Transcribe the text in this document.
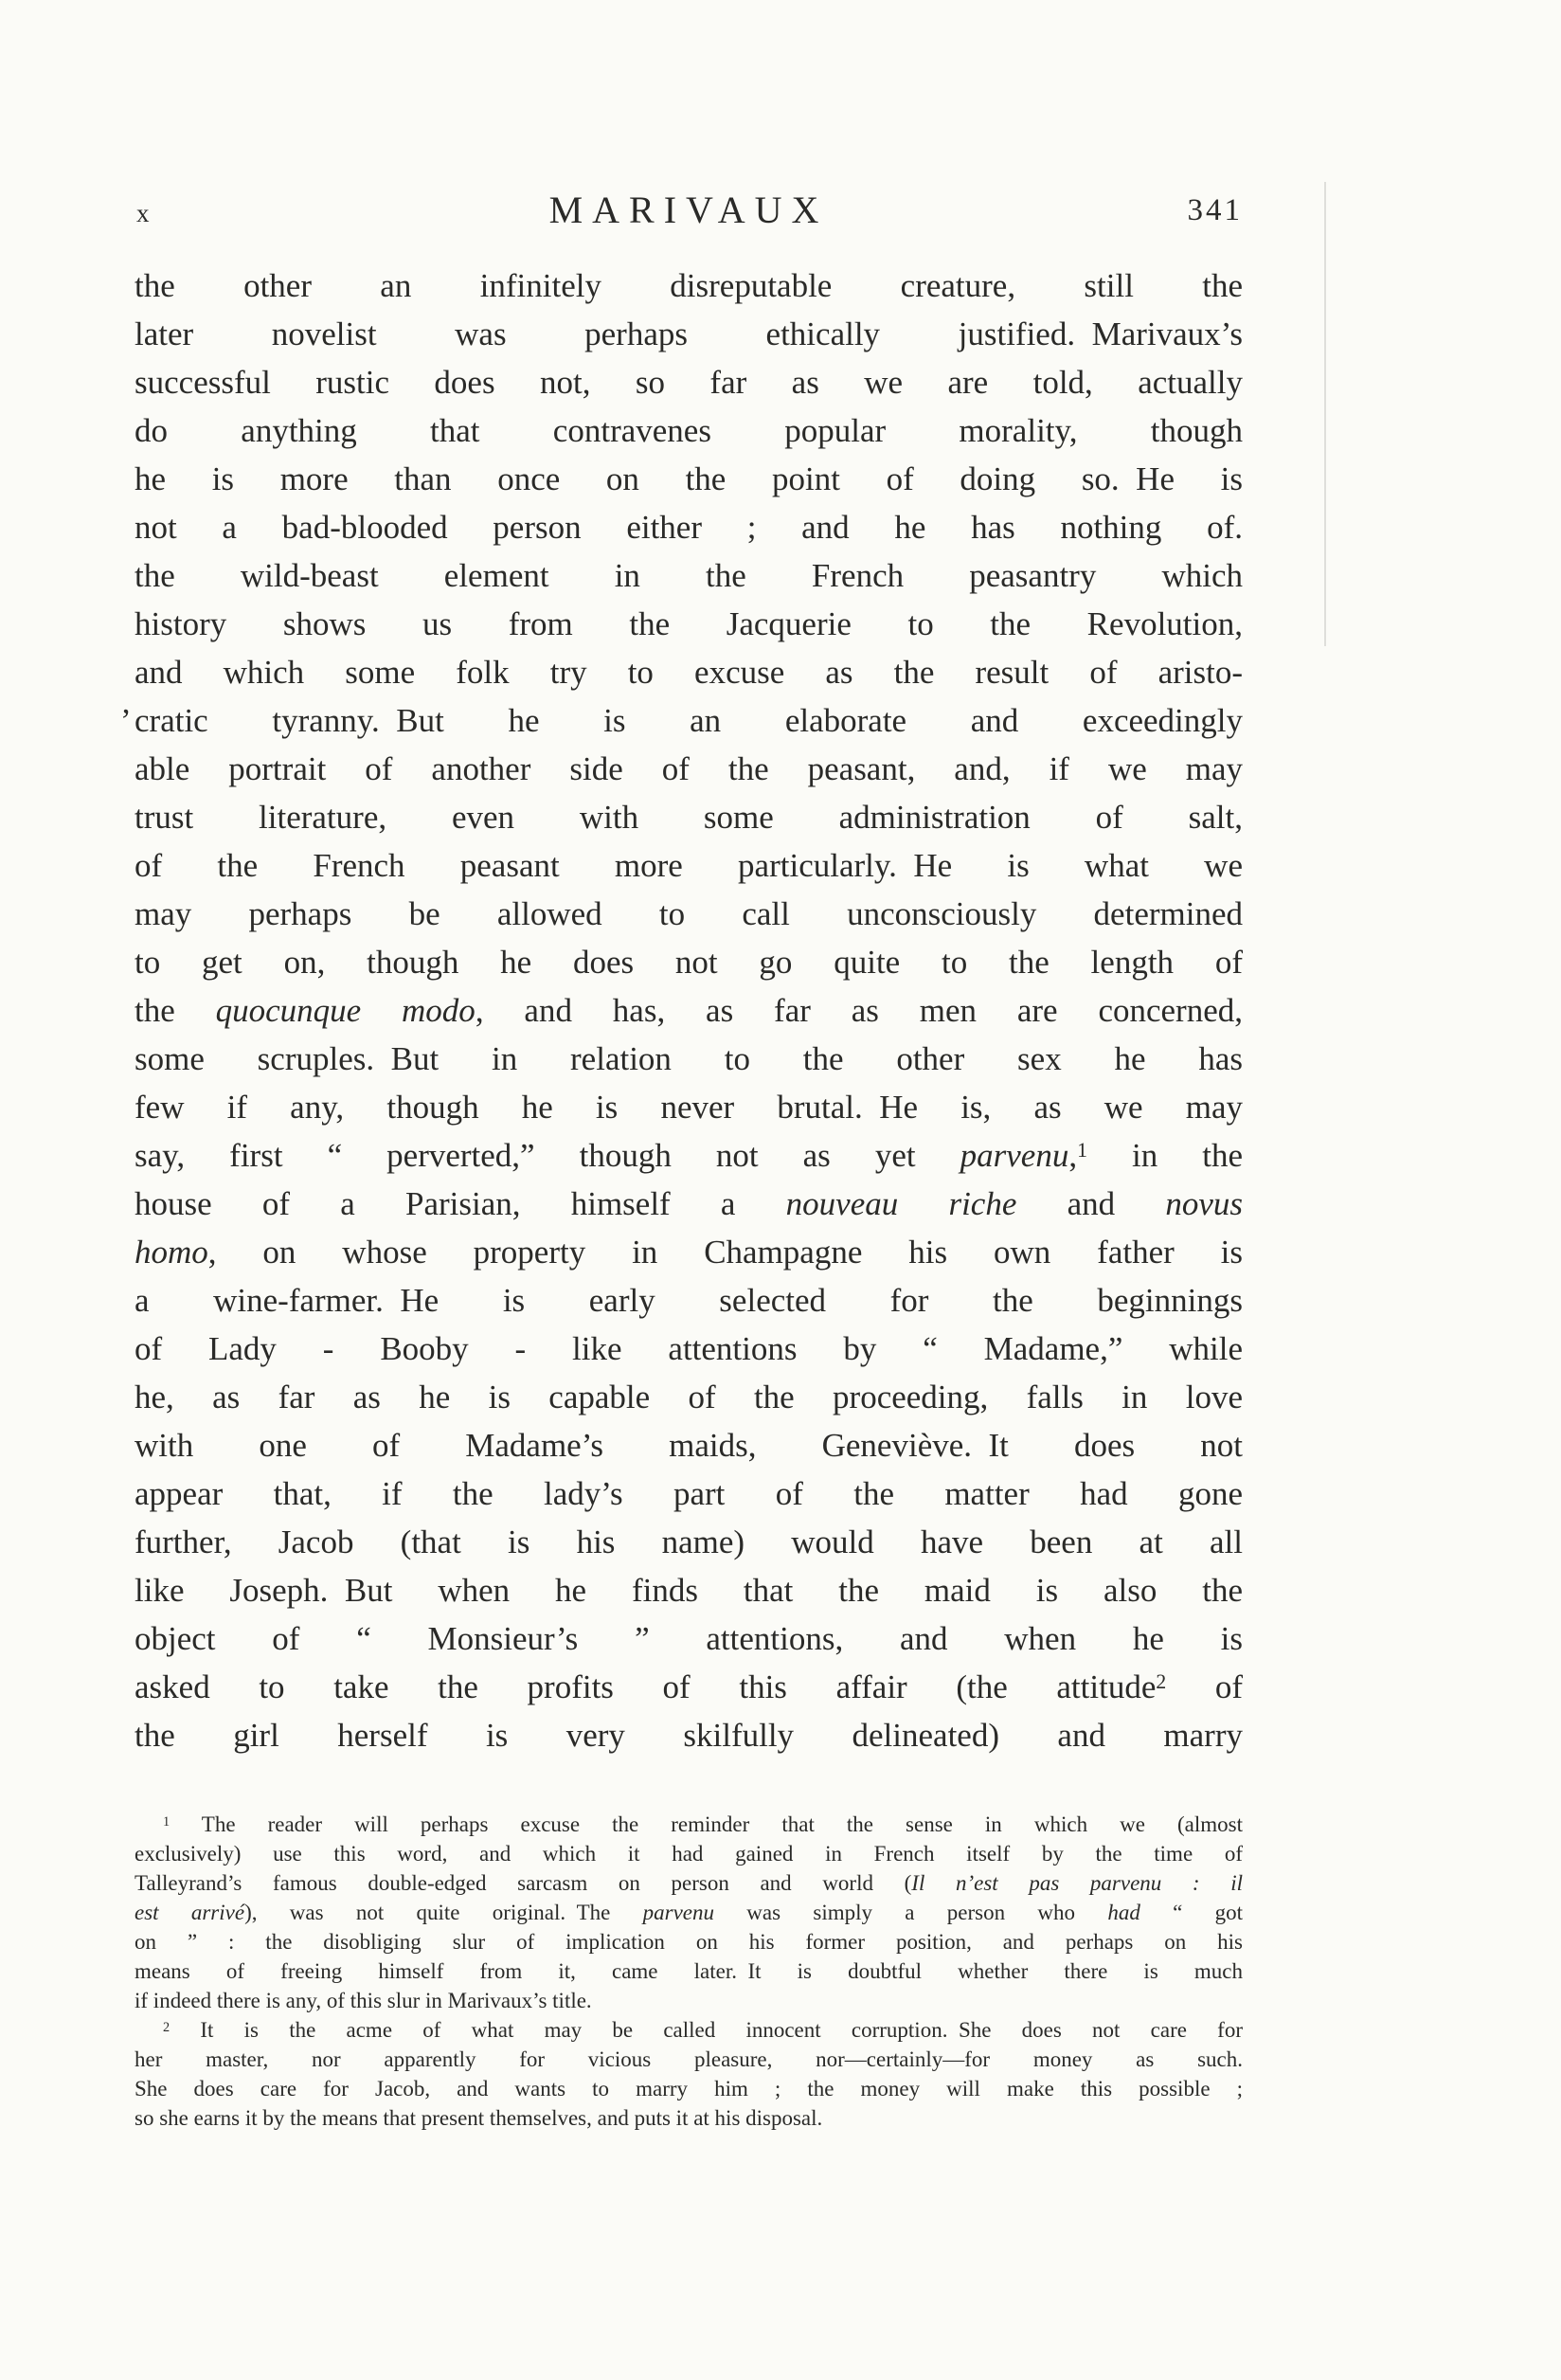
x	MARIVAUX	341
the other an infinitely disreputable creature, still the
later novelist was perhaps ethically justified. Marivaux’s
successful rustic does not, so far as we are told, actually
do anything that contravenes popular morality, though
he is more than once on the point of doing so. He is
not a bad-blooded person either ; and he has nothing of.
the wild-beast element in the French peasantry which
history shows us from the Jacquerie to the Revolution,
and which some folk try to excuse as the result of aristo-
’ cratic tyranny. But he is an elaborate and exceedingly
able portrait of another side of the peasant, and, if we may
trust literature, even with some administration of salt,
of the French peasant more particularly. He is what we
may perhaps be allowed to call unconsciously determined
to get on, though he does not go quite to the length of
the quocunque modo, and has, as far as men are concerned,
some scruples. But in relation to the other sex he has
few if any, though he is never brutal. He is, as we may
say, first “ perverted,” though not as yet parvenu,$^1$ in the
house of a Parisian, himself a nouveau riche and novus
homo, on whose property in Champagne his own father is
a wine-farmer. He is early selected for the beginnings
of Lady - Booby - like attentions by “ Madame,” while
he, as far as he is capable of the proceeding, falls in love
with one of Madame’s maids, Geneviève. It does not
appear that, if the lady’s part of the matter had gone
further, Jacob (that is his name) would have been at all
like Joseph. But when he finds that the maid is also the
object of “ Monsieur’s ” attentions, and when he is
asked to take the profits of this affair (the attitude$^2$ of
the girl herself is very skilfully delineated) and marry
$^1$ The reader will perhaps excuse the reminder that the sense in which we (almost
exclusively) use this word, and which it had gained in French itself by the time of
Talleyrand’s famous double-edged sarcasm on person and world (Il n’est pas parvenu : il
est arrivé), was not quite original. The parvenu was simply a person who had “ got
on ” : the disobliging slur of implication on his former position, and perhaps on his
means of freeing himself from it, came later. It is doubtful whether there is much
if indeed there is any, of this slur in Marivaux’s title.
$^2$ It is the acme of what may be called innocent corruption. She does not care for
her master, nor apparently for vicious pleasure, nor—certainly—for money as such.
She does care for Jacob, and wants to marry him ; the money will make this possible ;
so she earns it by the means that present themselves, and puts it at his disposal.
